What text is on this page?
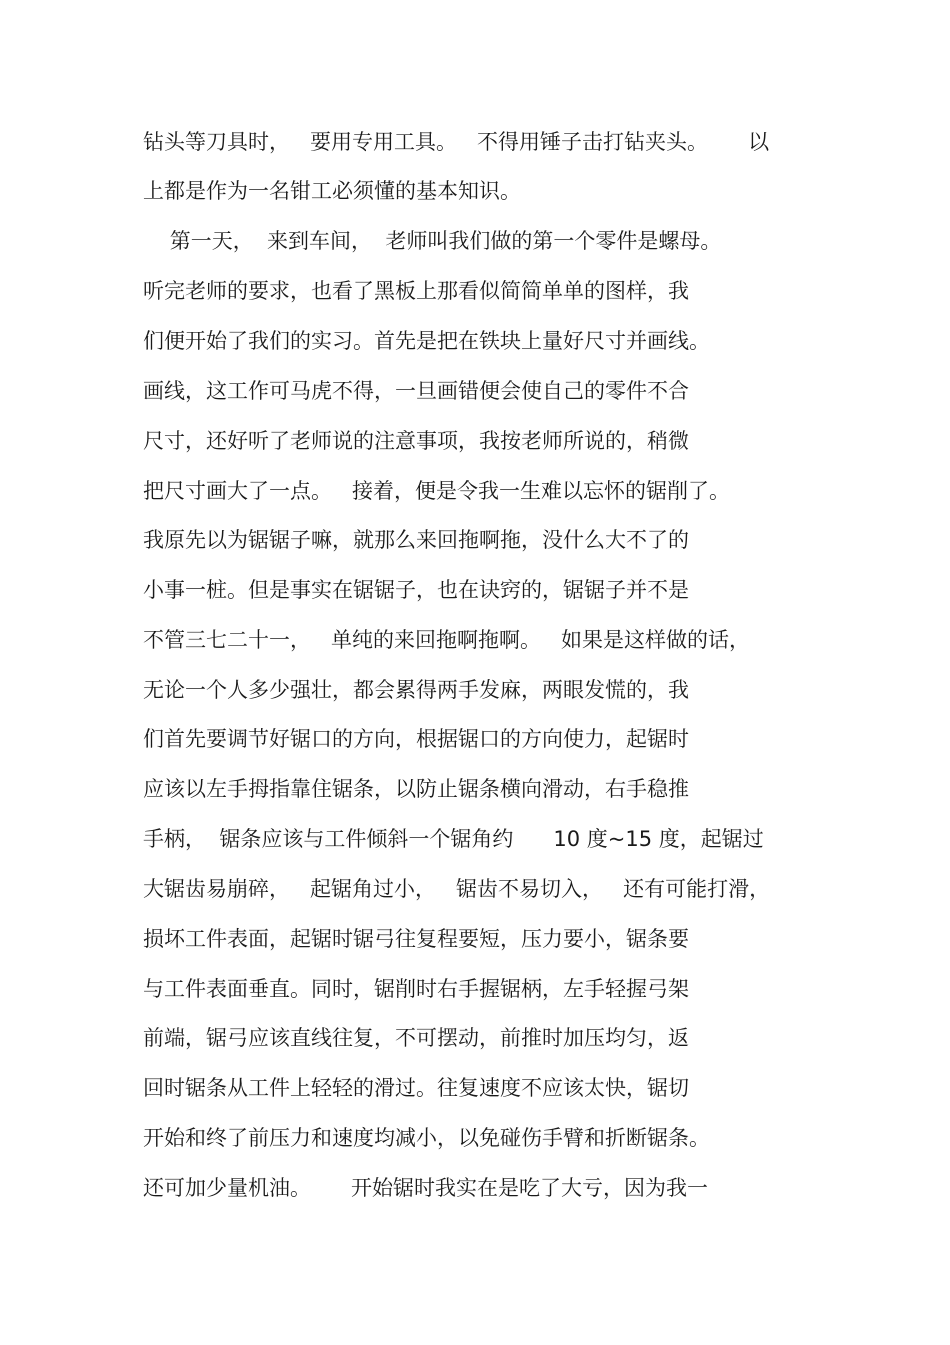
钻头等刀具时，   要用专用工具。   不得用锤子击打钻夹头。      以
上都是作为一名钳工必须懂的基本知识。
第一天，  来到车间，  老师叫我们做的第一个零件是螺母。
听完老师的要求，也看了黑板上那看似简简单单的图样，我
们便开始了我们的实习。首先是把在铁块上量好尺寸并画线。
画线，这工作可马虎不得，一旦画错便会使自己的零件不合
尺寸，还好听了老师说的注意事项，我按老师所说的，稍微
把尺寸画大了一点。   接着，便是令我一生难以忘怀的锯削了。
我原先以为锯锯子嘛，就那么来回拖啊拖，没什么大不了的
小事一桩。但是事实在锯锯子，也在诀窍的，锯锯子并不是
不管三七二十一，   单纯的来回拖啊拖啊。   如果是这样做的话，
无论一个人多少强壮，都会累得两手发麻，两眼发慌的，我
们首先要调节好锯口的方向，根据锯口的方向使力，起锯时
应该以左手拇指靠住锯条，以防止锯条横向滑动，右手稳推
手柄，  锯条应该与工件倾斜一个锯角约      10 度~15 度，起锯过
大锯齿易崩碎，   起锯角过小，   锯齿不易切入，   还有可能打滑，
损坏工件表面，起锯时锯弓往复程要短，压力要小，锯条要
与工件表面垂直。同时，锯削时右手握锯柄，左手轻握弓架
前端，锯弓应该直线往复，不可摆动，前推时加压均匀，返
回时锯条从工件上轻轻的滑过。往复速度不应该太快，锯切
开始和终了前压力和速度均减小，以免碰伤手臂和折断锯条。
还可加少量机油。      开始锯时我实在是吃了大亏，因为我一
